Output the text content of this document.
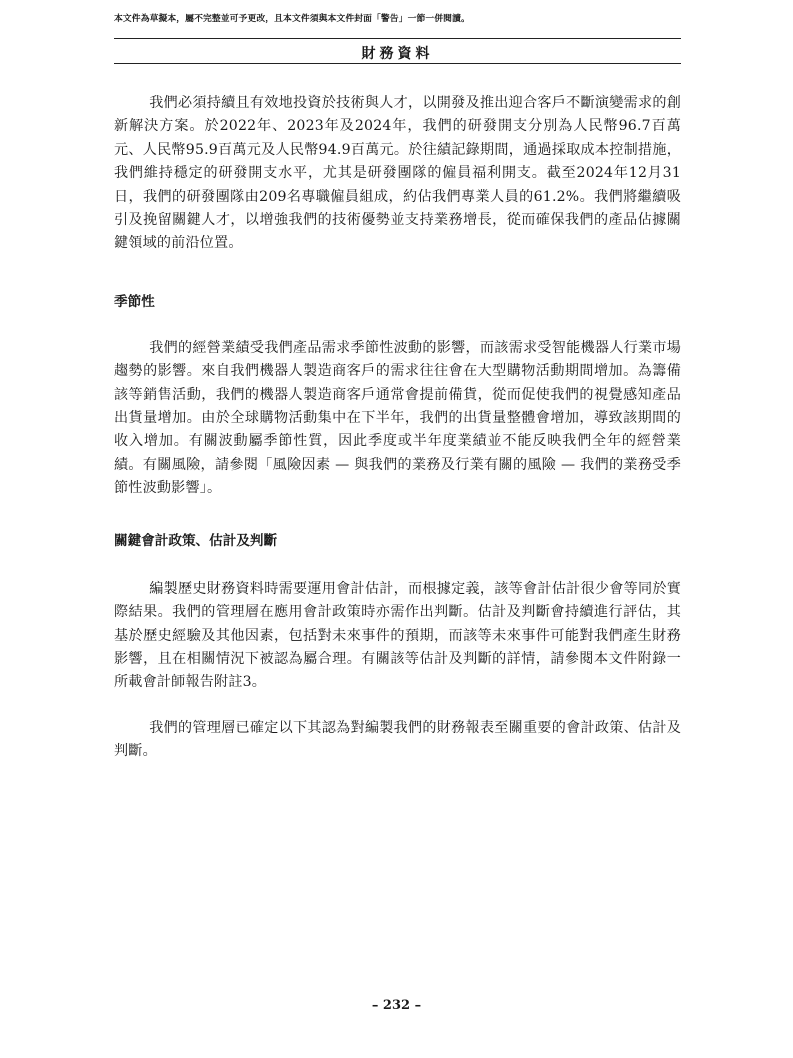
本文件為草擬本，屬不完整並可予更改，且本文件須與本文件封面「警告」一節一併閱讀。
財務資料

我們必須持續且有效地投資於技術與人才，以開發及推出迎合客戶不斷演變需求的創新解決方案。於2022年、2023年及2024年，我們的研發開支分別為人民幣96.7百萬元、人民幣95.9百萬元及人民幣94.9百萬元。於往績記錄期間，通過採取成本控制措施，我們維持穩定的研發開支水平，尤其是研發團隊的僱員福利開支。截至2024年12月31日，我們的研發團隊由209名專職僱員組成，約佔我們專業人員的61.2%。我們將繼續吸引及挽留關鍵人才，以增強我們的技術優勢並支持業務增長，從而確保我們的產品佔據關鍵領域的前沿位置。

季節性

我們的經營業績受我們產品需求季節性波動的影響，而該需求受智能機器人行業市場趨勢的影響。來自我們機器人製造商客戶的需求往往會在大型購物活動期間增加。為籌備該等銷售活動，我們的機器人製造商客戶通常會提前備貨，從而促使我們的視覺感知產品出貨量增加。由於全球購物活動集中在下半年，我們的出貨量整體會增加，導致該期間的收入增加。有關波動屬季節性質，因此季度或半年度業績並不能反映我們全年的經營業績。有關風險，請參閱「風險因素 — 與我們的業務及行業有關的風險 — 我們的業務受季節性波動影響」。

關鍵會計政策、估計及判斷

編製歷史財務資料時需要運用會計估計，而根據定義，該等會計估計很少會等同於實際結果。我們的管理層在應用會計政策時亦需作出判斷。估計及判斷會持續進行評估，其基於歷史經驗及其他因素，包括對未來事件的預期，而該等未來事件可能對我們產生財務影響，且在相關情況下被認為屬合理。有關該等估計及判斷的詳情，請參閱本文件附錄一所載會計師報告附註3。

我們的管理層已確定以下其認為對編製我們的財務報表至關重要的會計政策、估計及判斷。

– 232 –
